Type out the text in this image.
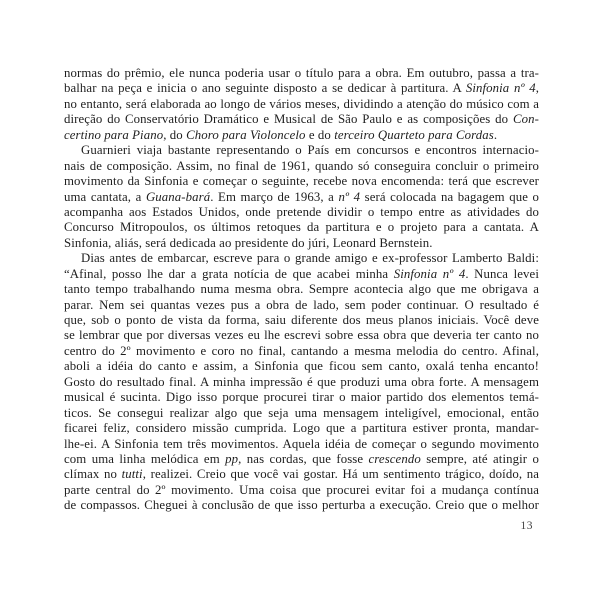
normas do prêmio, ele nunca poderia usar o título para a obra. Em outubro, passa a tra-
balhar na peça e inicia o ano seguinte disposto a se dedicar à partitura. A Sinfonia nº 4,
no entanto, será elaborada ao longo de vários meses, dividindo a atenção do músico com a
direção do Conservatório Dramático e Musical de São Paulo e as composições do Con-
certino para Piano, do Choro para Violoncelo e do terceiro Quarteto para Cordas.
Guarnieri viaja bastante representando o País em concursos e encontros internacio-
nais de composição. Assim, no final de 1961, quando só conseguira concluir o primeiro
movimento da Sinfonia e começar o seguinte, recebe nova encomenda: terá que escrever
uma cantata, a Guana-bará. Em março de 1963, a nº 4 será colocada na bagagem que o
acompanha aos Estados Unidos, onde pretende dividir o tempo entre as atividades do
Concurso Mitropoulos, os últimos retoques da partitura e o projeto para a cantata. A
Sinfonia, aliás, será dedicada ao presidente do júri, Leonard Bernstein.
Dias antes de embarcar, escreve para o grande amigo e ex-professor Lamberto Baldi:
“Afinal, posso lhe dar a grata notícia de que acabei minha Sinfonia nº 4. Nunca levei
tanto tempo trabalhando numa mesma obra. Sempre acontecia algo que me obrigava a
parar. Nem sei quantas vezes pus a obra de lado, sem poder continuar. O resultado é
que, sob o ponto de vista da forma, saiu diferente dos meus planos iniciais. Você deve
se lembrar que por diversas vezes eu lhe escrevi sobre essa obra que deveria ter canto no
centro do 2º movimento e coro no final, cantando a mesma melodia do centro. Afinal,
aboli a idéia do canto e assim, a Sinfonia que ficou sem canto, oxalá tenha encanto!
Gosto do resultado final. A minha impressão é que produzi uma obra forte. A mensagem
musical é sucinta. Digo isso porque procurei tirar o maior partido dos elementos temá-
ticos. Se consegui realizar algo que seja uma mensagem inteligível, emocional, então
ficarei feliz, considero missão cumprida. Logo que a partitura estiver pronta, mandar-
lhe-ei. A Sinfonia tem três movimentos. Aquela idéia de começar o segundo movimento
com uma linha melódica em pp, nas cordas, que fosse crescendo sempre, até atingir o
clímax no tutti, realizei. Creio que você vai gostar. Há um sentimento trágico, doído, na
parte central do 2º movimento. Uma coisa que procurei evitar foi a mudança contínua
de compassos. Cheguei à conclusão de que isso perturba a execução. Creio que o melhor
13
